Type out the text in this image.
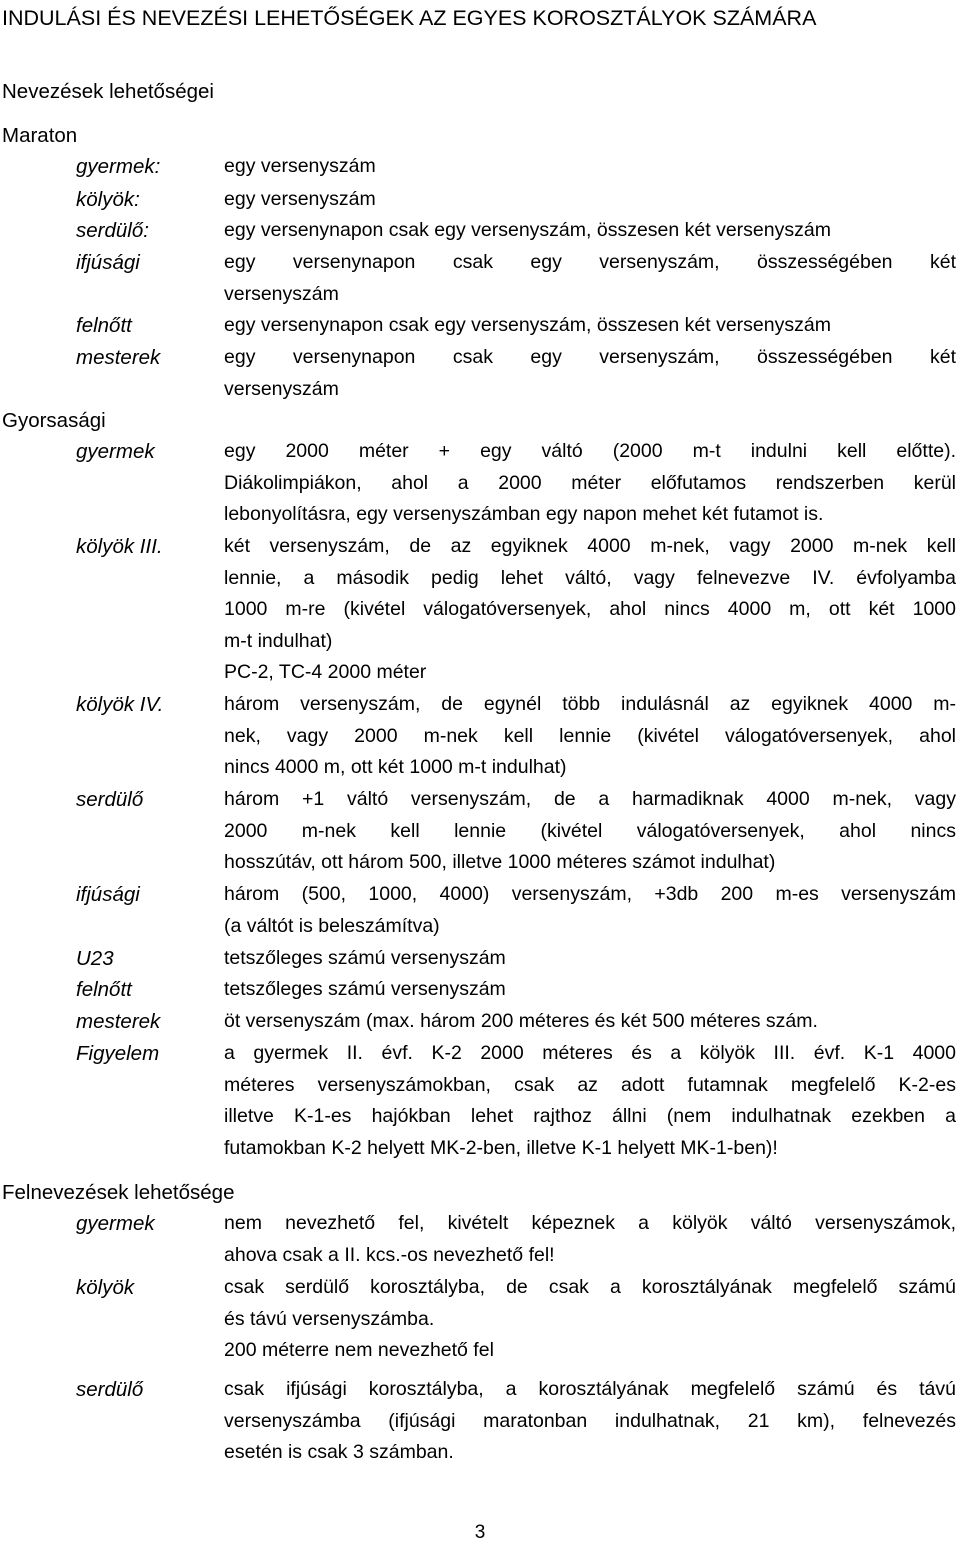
INDULÁSI ÉS NEVEZÉSI LEHETŐSÉGEK AZ EGYES KOROSZTÁLYOK SZÁMÁRA
Nevezések lehetőségei
Maraton
gyermek:	egy versenyszám
kölyök:	egy versenyszám
serdülő:	egy versenynapon csak egy versenyszám, összesen két versenyszám
ifjúsági	egy versenynapon csak egy versenyszám, összességében két
versenyszám
felnőtt	egy versenynapon csak egy versenyszám, összesen két versenyszám
mesterek	egy versenynapon csak egy versenyszám, összességében két
versenyszám
Gyorsasági
gyermek	egy 2000 méter + egy váltó (2000 m-t indulni kell előtte).
Diákolimpiákon, ahol a 2000 méter előfutamos rendszerben kerül
lebonyolításra, egy versenyszámban egy napon mehet két futamot is.
kölyök III.	két versenyszám, de az egyiknek 4000 m-nek, vagy 2000 m-nek kell
lennie, a második pedig lehet váltó, vagy felnevezve IV. évfolyamba
1000 m-re (kivétel válogatóversenyek, ahol nincs 4000 m, ott két 1000
m-t indulhat)
PC-2, TC-4 2000 méter
kölyök IV.	három versenyszám, de egynél több indulásnál az egyiknek 4000 m-
nek, vagy 2000 m-nek kell lennie (kivétel válogatóversenyek, ahol
nincs 4000 m, ott két 1000 m-t indulhat)
serdülő	három +1 váltó versenyszám, de a harmadiknak 4000 m-nek, vagy
2000 m-nek kell lennie (kivétel válogatóversenyek, ahol nincs
hosszútáv, ott három 500, illetve 1000 méteres számot indulhat)
ifjúsági	három (500, 1000, 4000) versenyszám, +3db 200 m-es versenyszám
(a váltót is beleszámítva)
U23	tetszőleges számú versenyszám
felnőtt	tetszőleges számú versenyszám
mesterek	öt versenyszám (max. három 200 méteres és két 500 méteres szám.
Figyelem	a gyermek II. évf. K-2 2000 méteres és a kölyök III. évf. K-1 4000
méteres versenyszámokban, csak az adott futamnak megfelelő K-2-es
illetve K-1-es hajókban lehet rajthoz állni (nem indulhatnak ezekben a
futamokban K-2 helyett MK-2-ben, illetve K-1 helyett MK-1-ben)!
Felnevezések lehetősége
gyermek	nem nevezhető fel, kivételt képeznek a kölyök váltó versenyszámok,
ahova csak a II. kcs.-os nevezhető fel!
kölyök	csak serdülő korosztályba, de csak a korosztályának megfelelő számú
és távú versenyszámba.
200 méterre nem nevezhető fel
serdülő	csak ifjúsági korosztályba, a korosztályának megfelelő számú és távú
versenyszámba (ifjúsági maratonban indulhatnak, 21 km), felnevezés
esetén is csak 3 számban.
3
